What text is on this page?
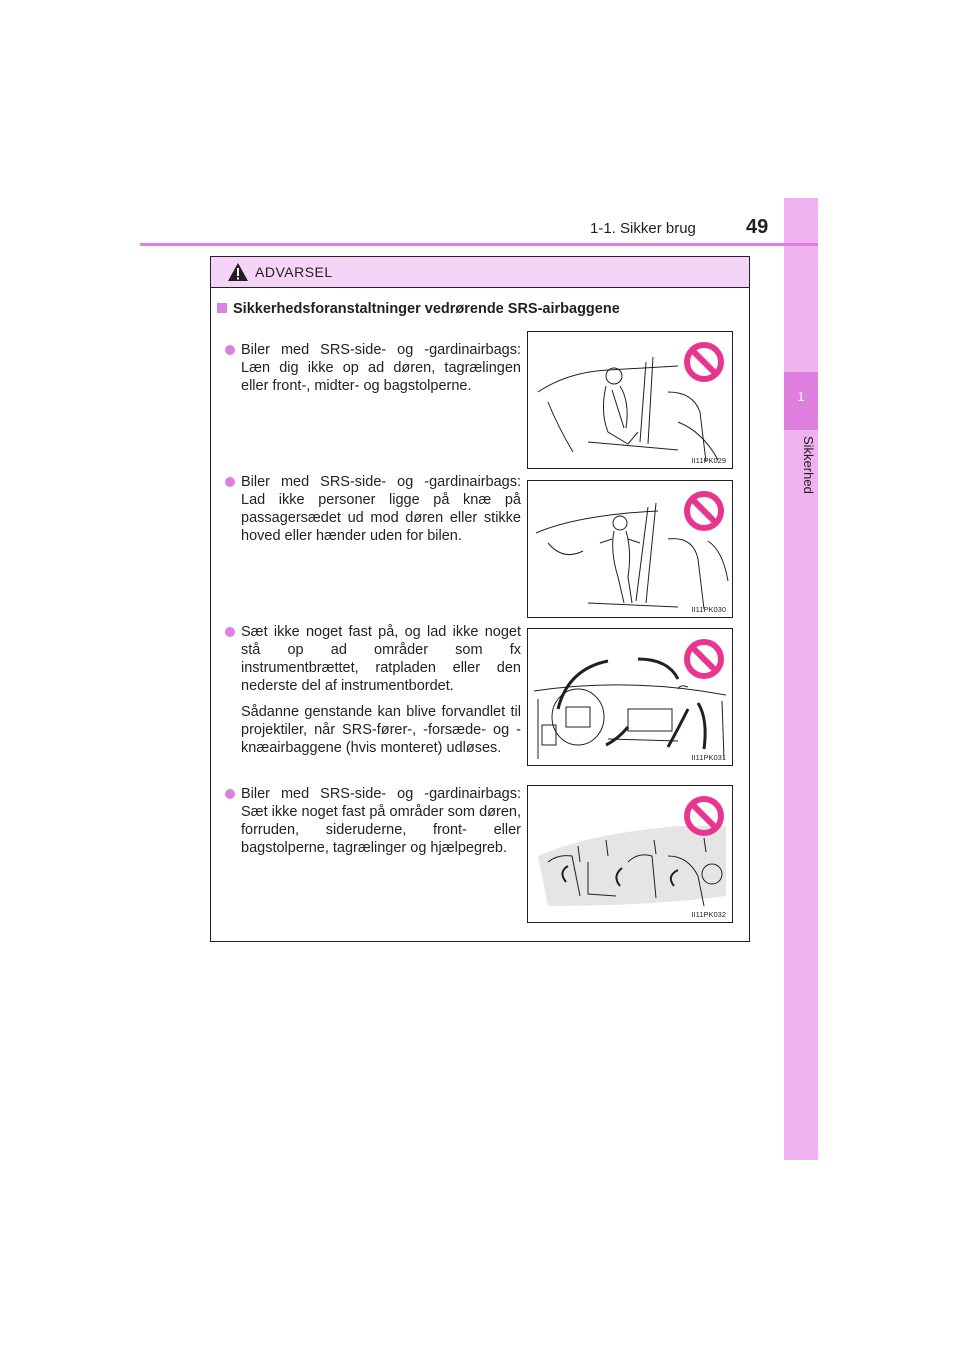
1
Sikkerhed
1-1. Sikker brug	49
ADVARSEL
Sikkerhedsforanstaltninger vedrørende SRS-airbaggene

Biler med SRS-side- og -gardinairbags: Læn dig ikke op ad døren, tagrælingen eller front-, midter- og bagstolperne.

II11PK029

Biler med SRS-side- og -gardinairbags: Lad ikke personer ligge på knæ på passagersædet ud mod døren eller stikke hoved eller hænder uden for bilen.

II11PK030

Sæt ikke noget fast på, og lad ikke noget stå op ad områder som fx instrumentbrættet, ratpladen eller den nederste del af instrumentbordet.

Sådanne genstande kan blive forvandlet til projektiler, når SRS-fører-, -forsæde- og -knæairbaggene (hvis monteret) udløses.

II11PK031

Biler med SRS-side- og -gardinairbags: Sæt ikke noget fast på områder som døren, forruden, sideruderne, front- eller bagstolperne, tagrælinger og hjælpegreb.

II11PK032
